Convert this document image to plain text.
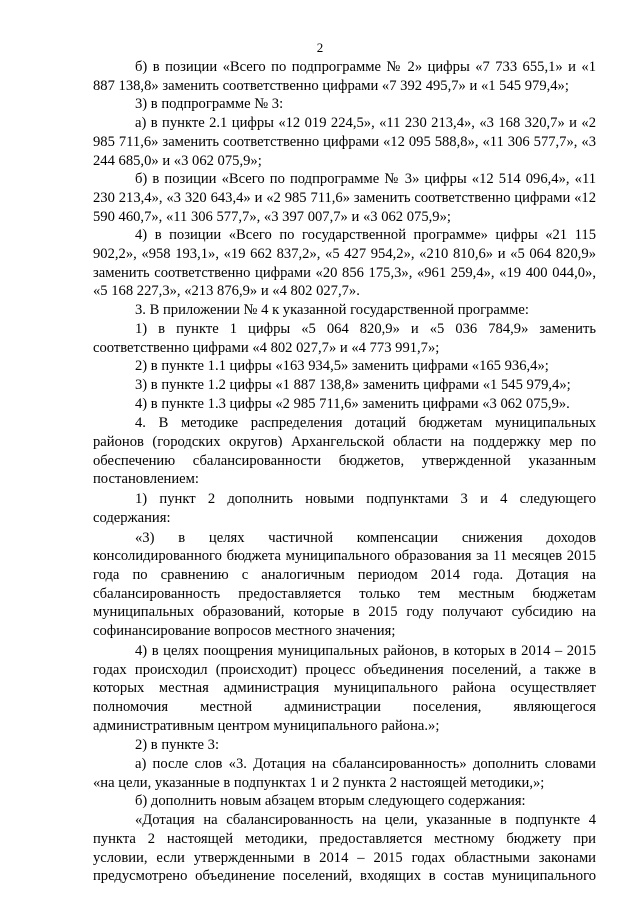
2

б) в позиции «Всего по подпрограмме № 2» цифры «7 733 655,1» и «1 887 138,8» заменить соответственно цифрами «7 392 495,7» и «1 545 979,4»;

3) в подпрограмме № 3:

а) в пункте 2.1 цифры «12 019 224,5», «11 230 213,4», «3 168 320,7» и «2 985 711,6» заменить соответственно цифрами «12 095 588,8», «11 306 577,7», «3 244 685,0» и «3 062 075,9»;

б) в позиции «Всего по подпрограмме № 3» цифры «12 514 096,4», «11 230 213,4», «3 320 643,4» и «2 985 711,6» заменить соответственно цифрами «12 590 460,7», «11 306 577,7», «3 397 007,7» и «3 062 075,9»;

4) в позиции «Всего по государственной программе» цифры «21 115 902,2», «958 193,1», «19 662 837,2», «5 427 954,2», «210 810,6» и «5 064 820,9» заменить соответственно цифрами «20 856 175,3», «961 259,4», «19 400 044,0», «5 168 227,3», «213 876,9» и «4 802 027,7».

3. В приложении № 4 к указанной государственной программе:

1) в пункте 1 цифры «5 064 820,9» и «5 036 784,9» заменить соответственно цифрами «4 802 027,7» и «4 773 991,7»;

2) в пункте 1.1 цифры «163 934,5» заменить цифрами «165 936,4»;

3) в пункте 1.2 цифры «1 887 138,8» заменить цифрами «1 545 979,4»;

4) в пункте 1.3 цифры «2 985 711,6» заменить цифрами «3 062 075,9».

4. В методике распределения дотаций бюджетам муниципальных районов (городских округов) Архангельской области на поддержку мер по обеспечению сбалансированности бюджетов, утвержденной указанным постановлением:

1) пункт 2 дополнить новыми подпунктами 3 и 4 следующего содержания:

«3) в целях частичной компенсации снижения доходов консолидированного бюджета муниципального образования за 11 месяцев 2015 года по сравнению с аналогичным периодом 2014 года. Дотация на сбалансированность предоставляется только тем местным бюджетам муниципальных образований, которые в 2015 году получают субсидию на софинансирование вопросов местного значения;

4) в целях поощрения муниципальных районов, в которых в 2014 – 2015 годах происходил (происходит) процесс объединения поселений, а также в которых местная администрация муниципального района осуществляет полномочия местной администрации поселения, являющегося административным центром муниципального района.»;

2) в пункте 3:

а) после слов «3. Дотация на сбалансированность» дополнить словами «на цели, указанные в подпунктах 1 и 2 пункта 2 настоящей методики,»;

б) дополнить новым абзацем вторым следующего содержания:

«Дотация на сбалансированность на цели, указанные в подпункте 4 пункта 2 настоящей методики, предоставляется местному бюджету при условии, если утвержденными в 2014 – 2015 годах областными законами предусмотрено объединение поселений, входящих в состав муниципального
